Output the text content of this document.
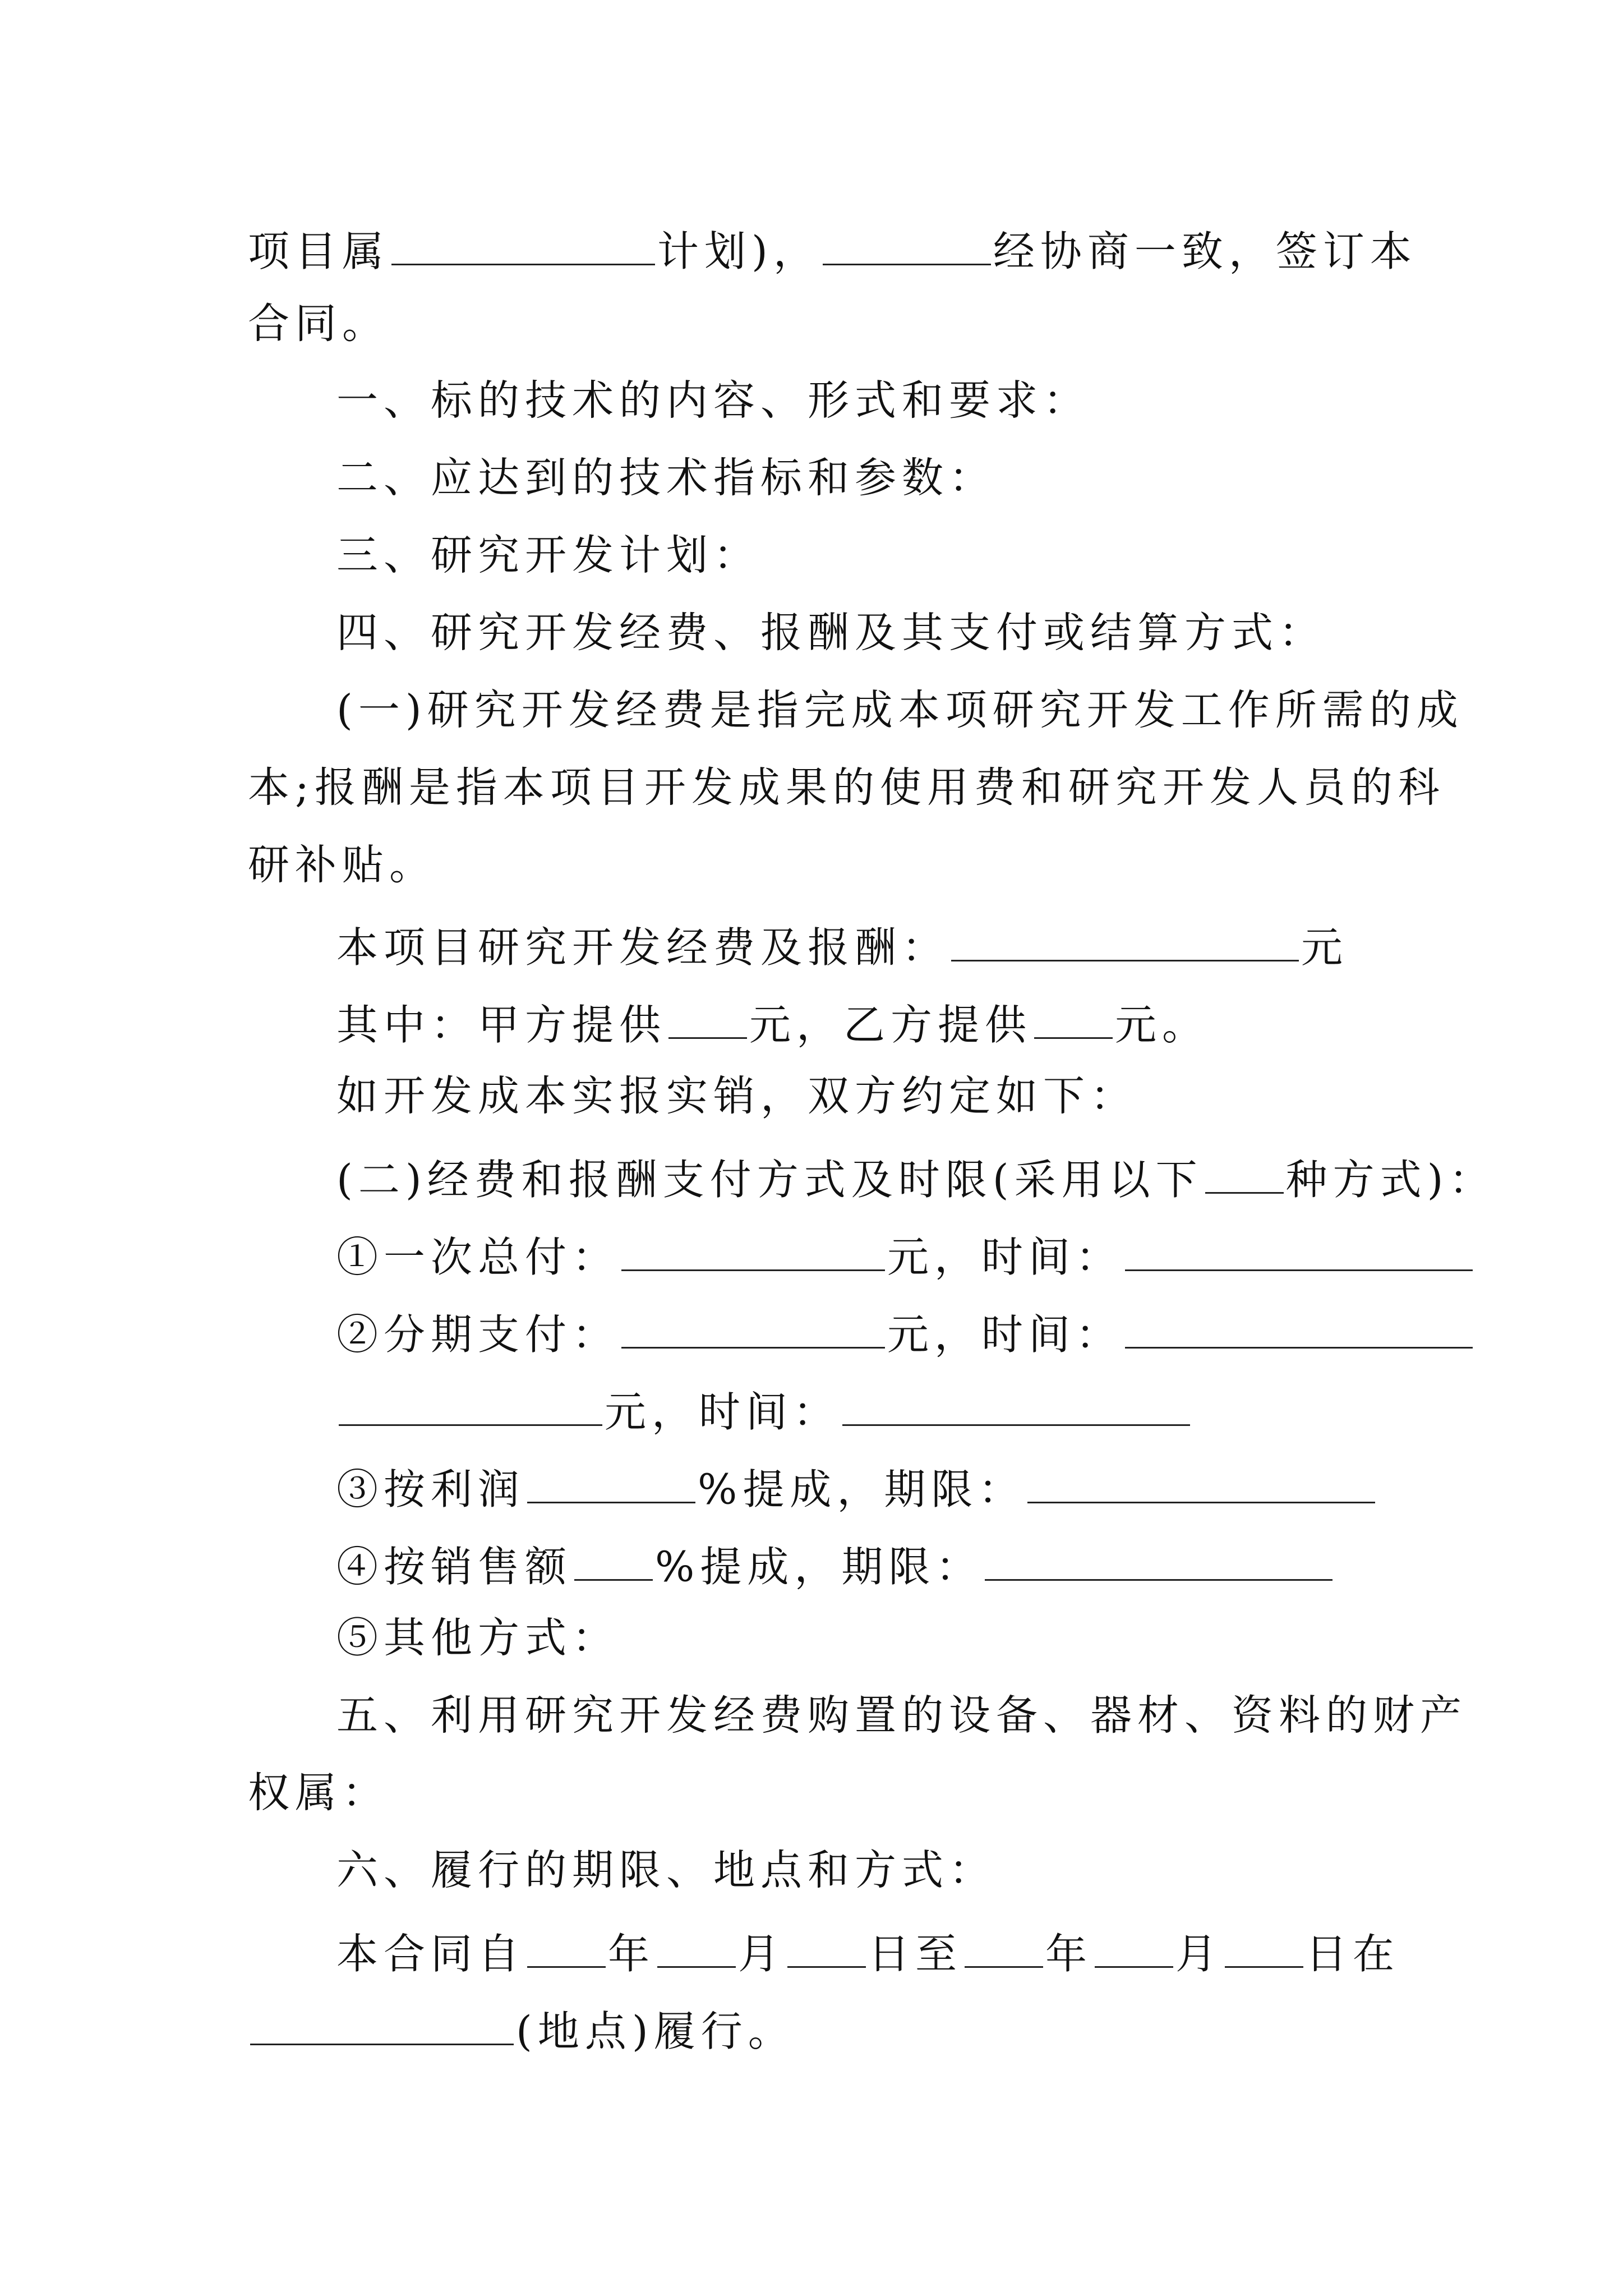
项目属	计划)，	经协商一致，签订本
合同。
一、标的技术的内容、形式和要求：
二、应达到的技术指标和参数：
三、研究开发计划：
四、研究开发经费、报酬及其支付或结算方式：
(一)研究开发经费是指完成本项研究开发工作所需的成
本;报酬是指本项目开发成果的使用费和研究开发人员的科
研补贴。
本项目研究开发经费及报酬：	元
其中：甲方提供 元，乙方提供 元。
如开发成本实报实销，双方约定如下：
(二)经费和报酬支付方式及时限(采用以下 种方式)：
①一次总付：	元，时间：
②分期支付：	元，时间：
元，时间：
③按利润	%提成，期限：
④按销售额 %提成，期限：
⑤其他方式：
五、利用研究开发经费购置的设备、器材、资料的财产
权属：
六、履行的期限、地点和方式：
本合同自 年 月 日至 年 月 日在
(地点)履行。
